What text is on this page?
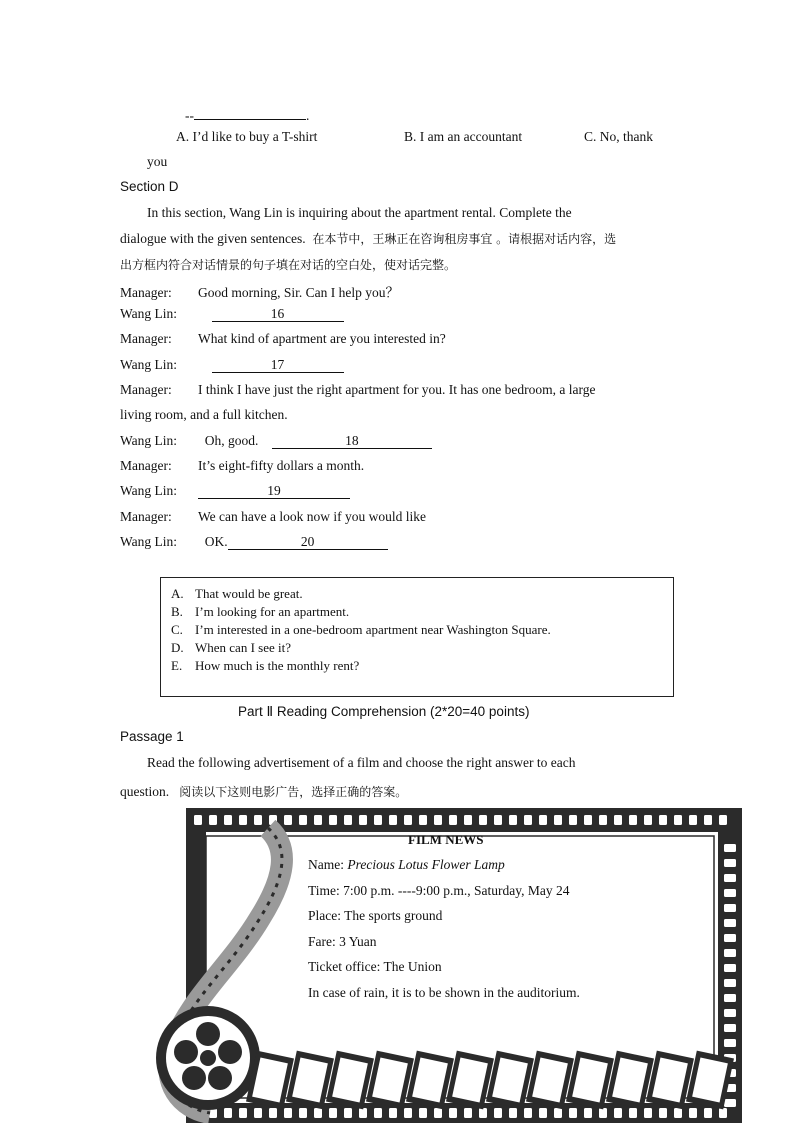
--	.
A. I’d like to buy a T-shirt	B. I am an accountant	C. No, thank
you
Section D
In this section, Wang Lin is inquiring about the apartment rental. Complete the
dialogue with the given sentences. 在本节中，王琳正在咨询租房事宜 。请根据对话内容，选
出方框内符合对话情景的句子填在对话的空白处，使对话完整。
Manager: Good morning, Sir. Can I help you？
Wang Lin:	16
Manager: What kind of apartment are you interested in?
Wang Lin:	17
Manager: I think I have just the right apartment for you. It has one bedroom, a large
living room, and a full kitchen.
Wang Lin: Oh, good.	18
Manager: It’s eight-fifty dollars a month.
Wang Lin:	19
Manager: We can have a look now if you would like
Wang Lin: OK.	20
A. That would be great.
B. I’m looking for an apartment.
C. I’m interested in a one-bedroom apartment near Washington Square.
D. When can I see it?
E. How much is the monthly rent?
Part Ⅱ Reading Comprehension (2*20=40 points)
Passage 1
Read the following advertisement of a film and choose the right answer to each
question. 阅读以下这则电影广告，选择正确的答案。
FILM NEWS
Name: Precious Lotus Flower Lamp
Time: 7:00 p.m. ----9:00 p.m., Saturday, May 24
Place: The sports ground
Fare: 3 Yuan
Ticket office: The Union
In case of rain, it is to be shown in the auditorium.
